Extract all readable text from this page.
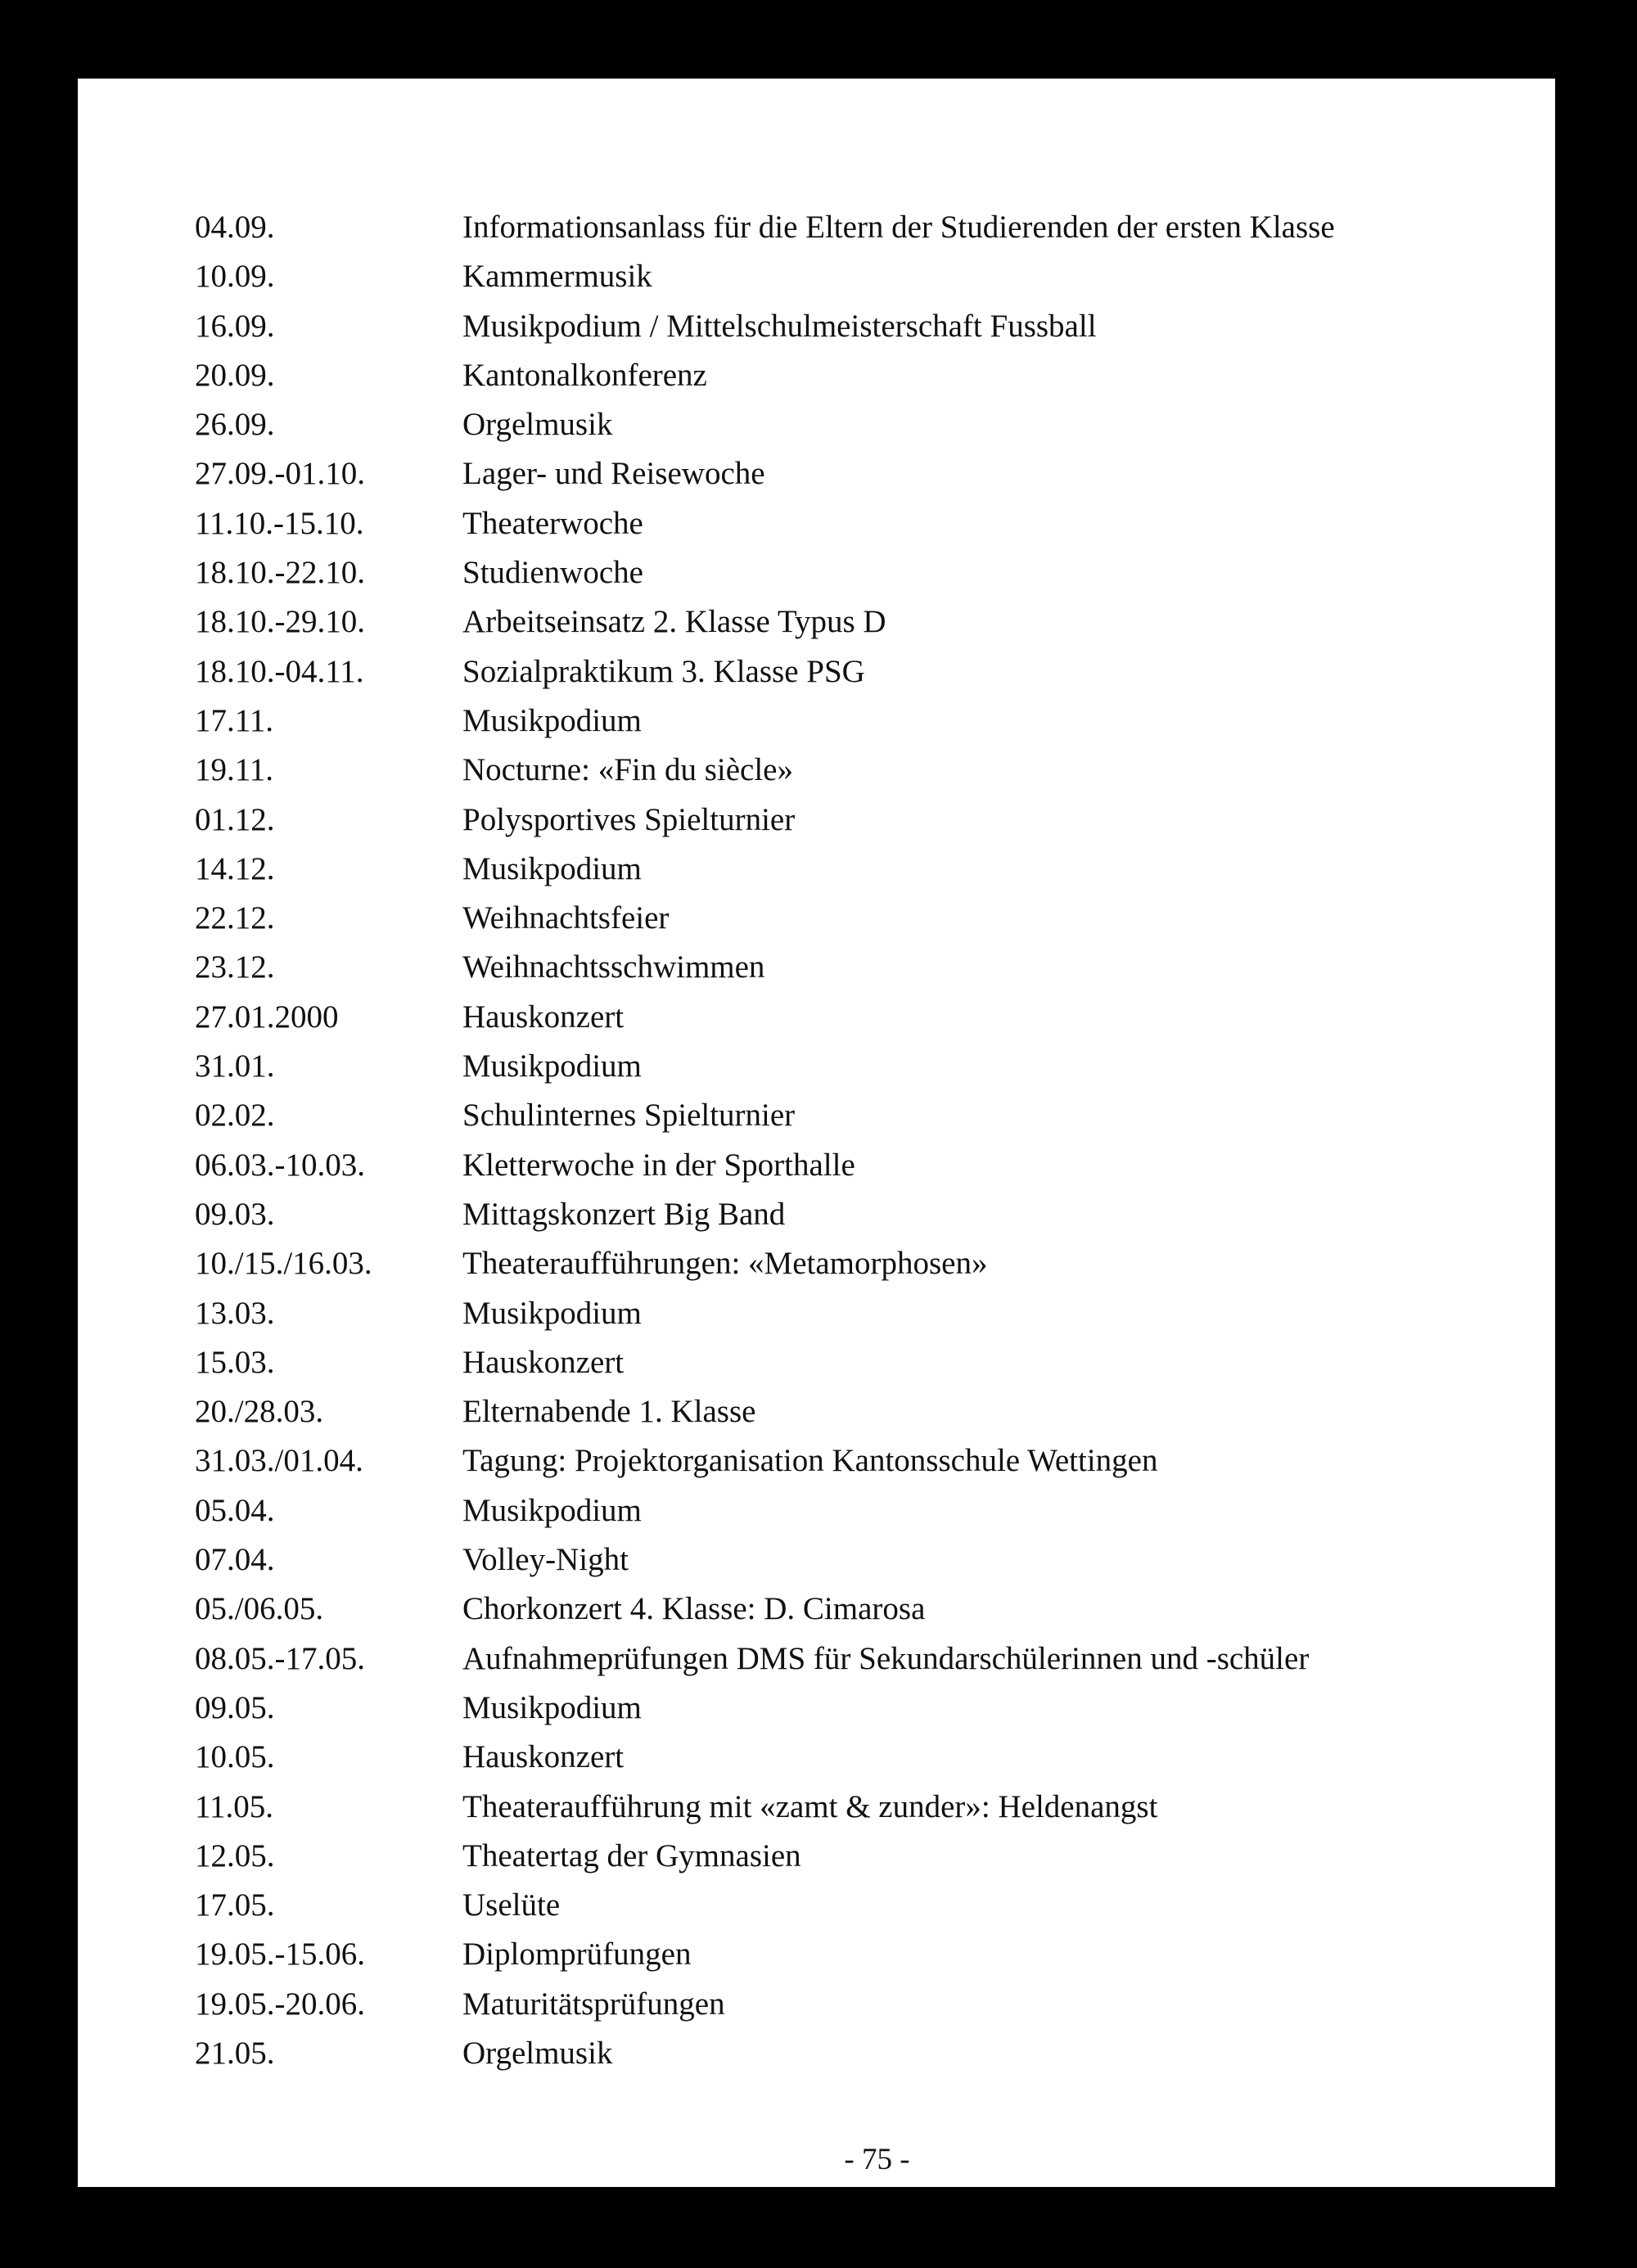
04.09.	Informationsanlass für die Eltern der Studierenden der ersten Klasse
10.09.	Kammermusik
16.09.	Musikpodium / Mittelschulmeisterschaft Fussball
20.09.	Kantonalkonferenz
26.09.	Orgelmusik
27.09.-01.10.	Lager- und Reisewoche
11.10.-15.10.	Theaterwoche
18.10.-22.10.	Studienwoche
18.10.-29.10.	Arbeitseinsatz 2. Klasse Typus D
18.10.-04.11.	Sozialpraktikum 3. Klasse PSG
17.11.	Musikpodium
19.11.	Nocturne: «Fin du siècle»
01.12.	Polysportives Spielturnier
14.12.	Musikpodium
22.12.	Weihnachtsfeier
23.12.	Weihnachtsschwimmen
27.01.2000	Hauskonzert
31.01.	Musikpodium
02.02.	Schulinternes Spielturnier
06.03.-10.03.	Kletterwoche in der Sporthalle
09.03.	Mittagskonzert Big Band
10./15./16.03.	Theateraufführungen: «Metamorphosen»
13.03.	Musikpodium
15.03.	Hauskonzert
20./28.03.	Elternabende 1. Klasse
31.03./01.04.	Tagung: Projektorganisation Kantonsschule Wettingen
05.04.	Musikpodium
07.04.	Volley-Night
05./06.05.	Chorkonzert 4. Klasse: D. Cimarosa
08.05.-17.05.	Aufnahmeprüfungen DMS für Sekundarschülerinnen und -schüler
09.05.	Musikpodium
10.05.	Hauskonzert
11.05.	Theateraufführung mit «zamt & zunder»: Heldenangst
12.05.	Theatertag der Gymnasien
17.05.	Uselüte
19.05.-15.06.	Diplomprüfungen
19.05.-20.06.	Maturitätsprüfungen
21.05.	Orgelmusik
- 75 -
